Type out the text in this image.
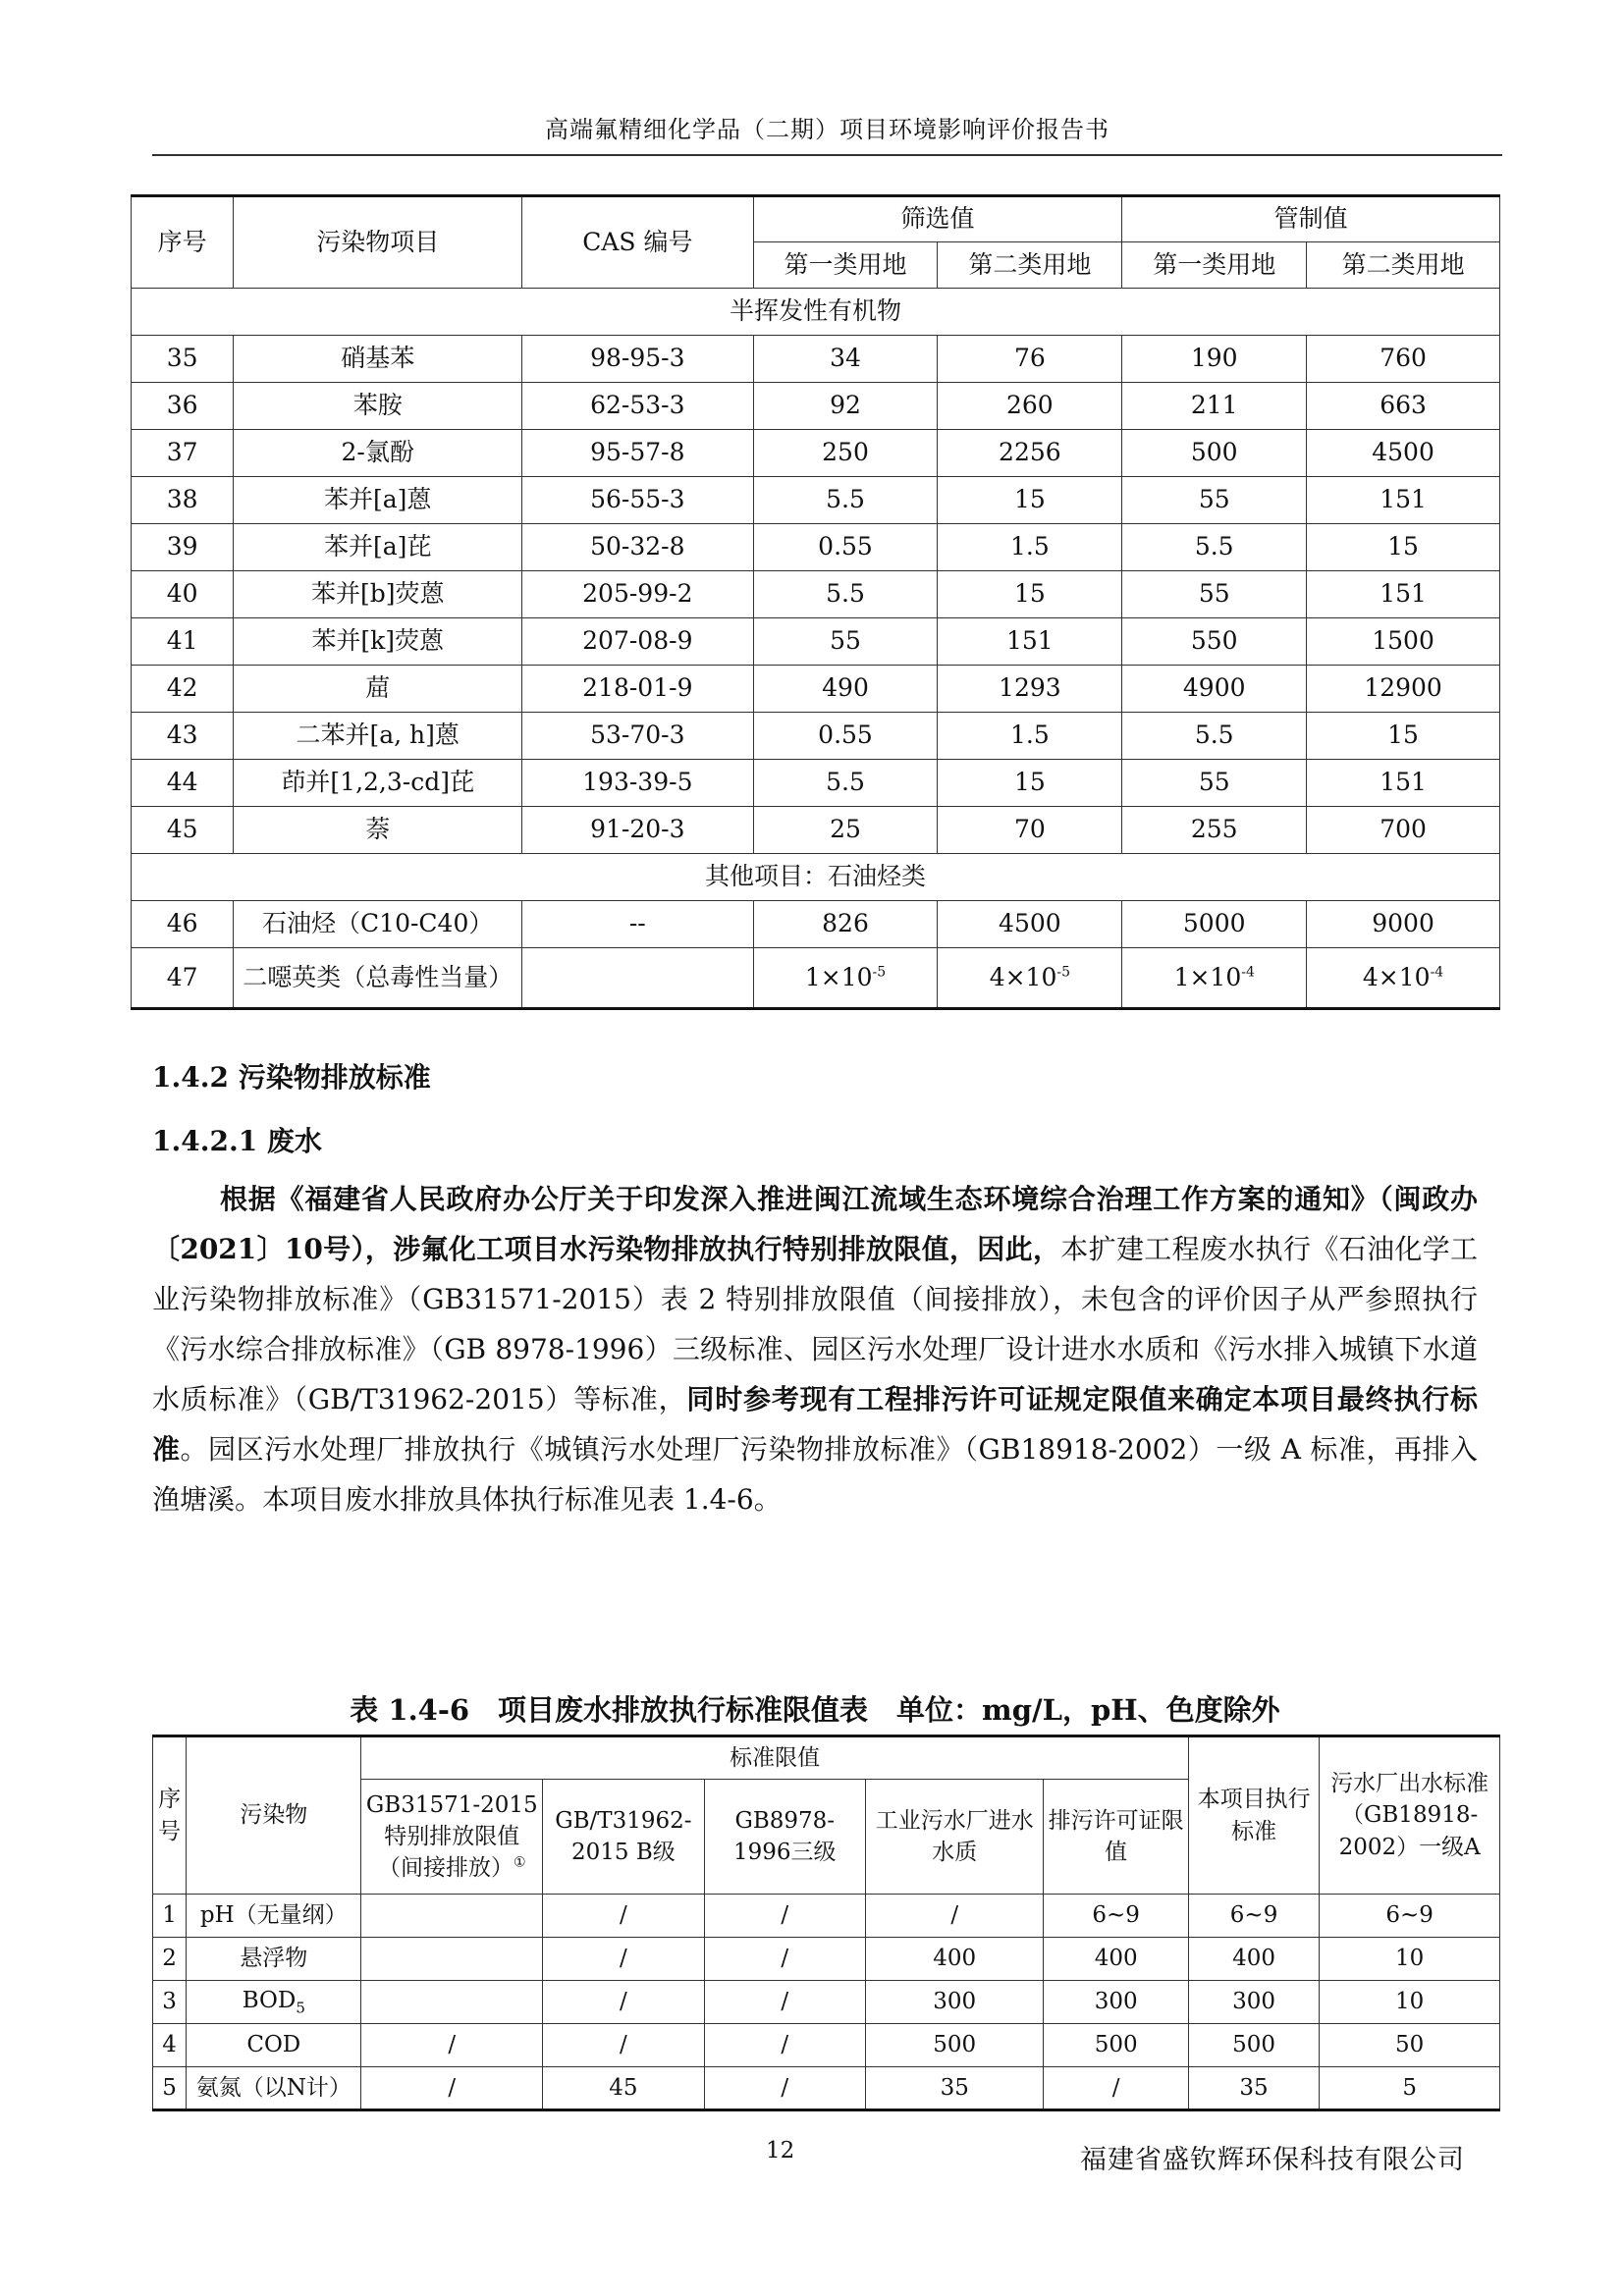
高端氟精细化学品（二期）项目环境影响评价报告书
序号	污染物项目	CAS 编号	筛选值		管制值	
			第一类用地	第二类用地	第一类用地	第二类用地
半挥发性有机物						
35	硝基苯	98-95-3	34	76	190	760
36	苯胺	62-53-3	92	260	211	663
37	2-氯酚	95-57-8	250	2256	500	4500
38	苯并[a]蒽	56-55-3	5.5	15	55	151
39	苯并[a]芘	50-32-8	0.55	1.5	5.5	15
40	苯并[b]荧蒽	205-99-2	5.5	15	55	151
41	苯并[k]荧蒽	207-08-9	55	151	550	1500
42	䓛	218-01-9	490	1293	4900	12900
43	二苯并[a, h]蒽	53-70-3	0.55	1.5	5.5	15
44	茚并[1,2,3-cd]芘	193-39-5	5.5	15	55	151
45	萘	91-20-3	25	70	255	700
其他项目：石油烃类						
46	石油烃（C10-C40）	--	826	4500	5000	9000
47	二噁英类（总毒性当量）		$1\times 10^{-5}$	$4\times 10^{-5}$	$1\times 10^{-4}$	$4\times 10^{-4}$
1.4.2 污染物排放标准
1.4.2.1 废水
根据《福建省人民政府办公厅关于印发深入推进闽江流域生态环境综合治理工作方案的通知》（闽政办〔2021〕10号），涉氟化工项目水污染物排放执行特别排放限值，因此，本扩建工程废水执行《石油化学工业污染物排放标准》（GB31571-2015）表 2 特别排放限值（间接排放），未包含的评价因子从严参照执行《污水综合排放标准》（GB 8978-1996）三级标准、园区污水处理厂设计进水水质和《污水排入城镇下水道水质标准》（GB/T31962-2015）等标准，同时参考现有工程排污许可证规定限值来确定本项目最终执行标准。园区污水处理厂排放执行《城镇污水处理厂污染物排放标准》（GB18918-2002）一级 A 标准，再排入渔塘溪。本项目废水排放具体执行标准见表 1.4-6。
表 1.4-6　项目废水排放执行标准限值表　单位：mg/L，pH、色度除外
序号	污染物	标准限值					本项目执行标准	污水厂出水标准（GB18918-2002）一级A
		GB31571-2015特别排放限值（间接排放）①	GB/T31962-2015 B级	GB8978-1996三级	工业污水厂进水水质	排污许可证限值		
1	pH（无量纲）		/	/	/	6~9	6~9	6~9
2	悬浮物		/	/	400	400	400	10
3	$BOD_5$		/	/	300	300	300	10
4	COD	/	/	/	500	500	500	50
5	氨氮（以N计）	/	45	/	35	/	35	5
12	福建省盛钦辉环保科技有限公司
